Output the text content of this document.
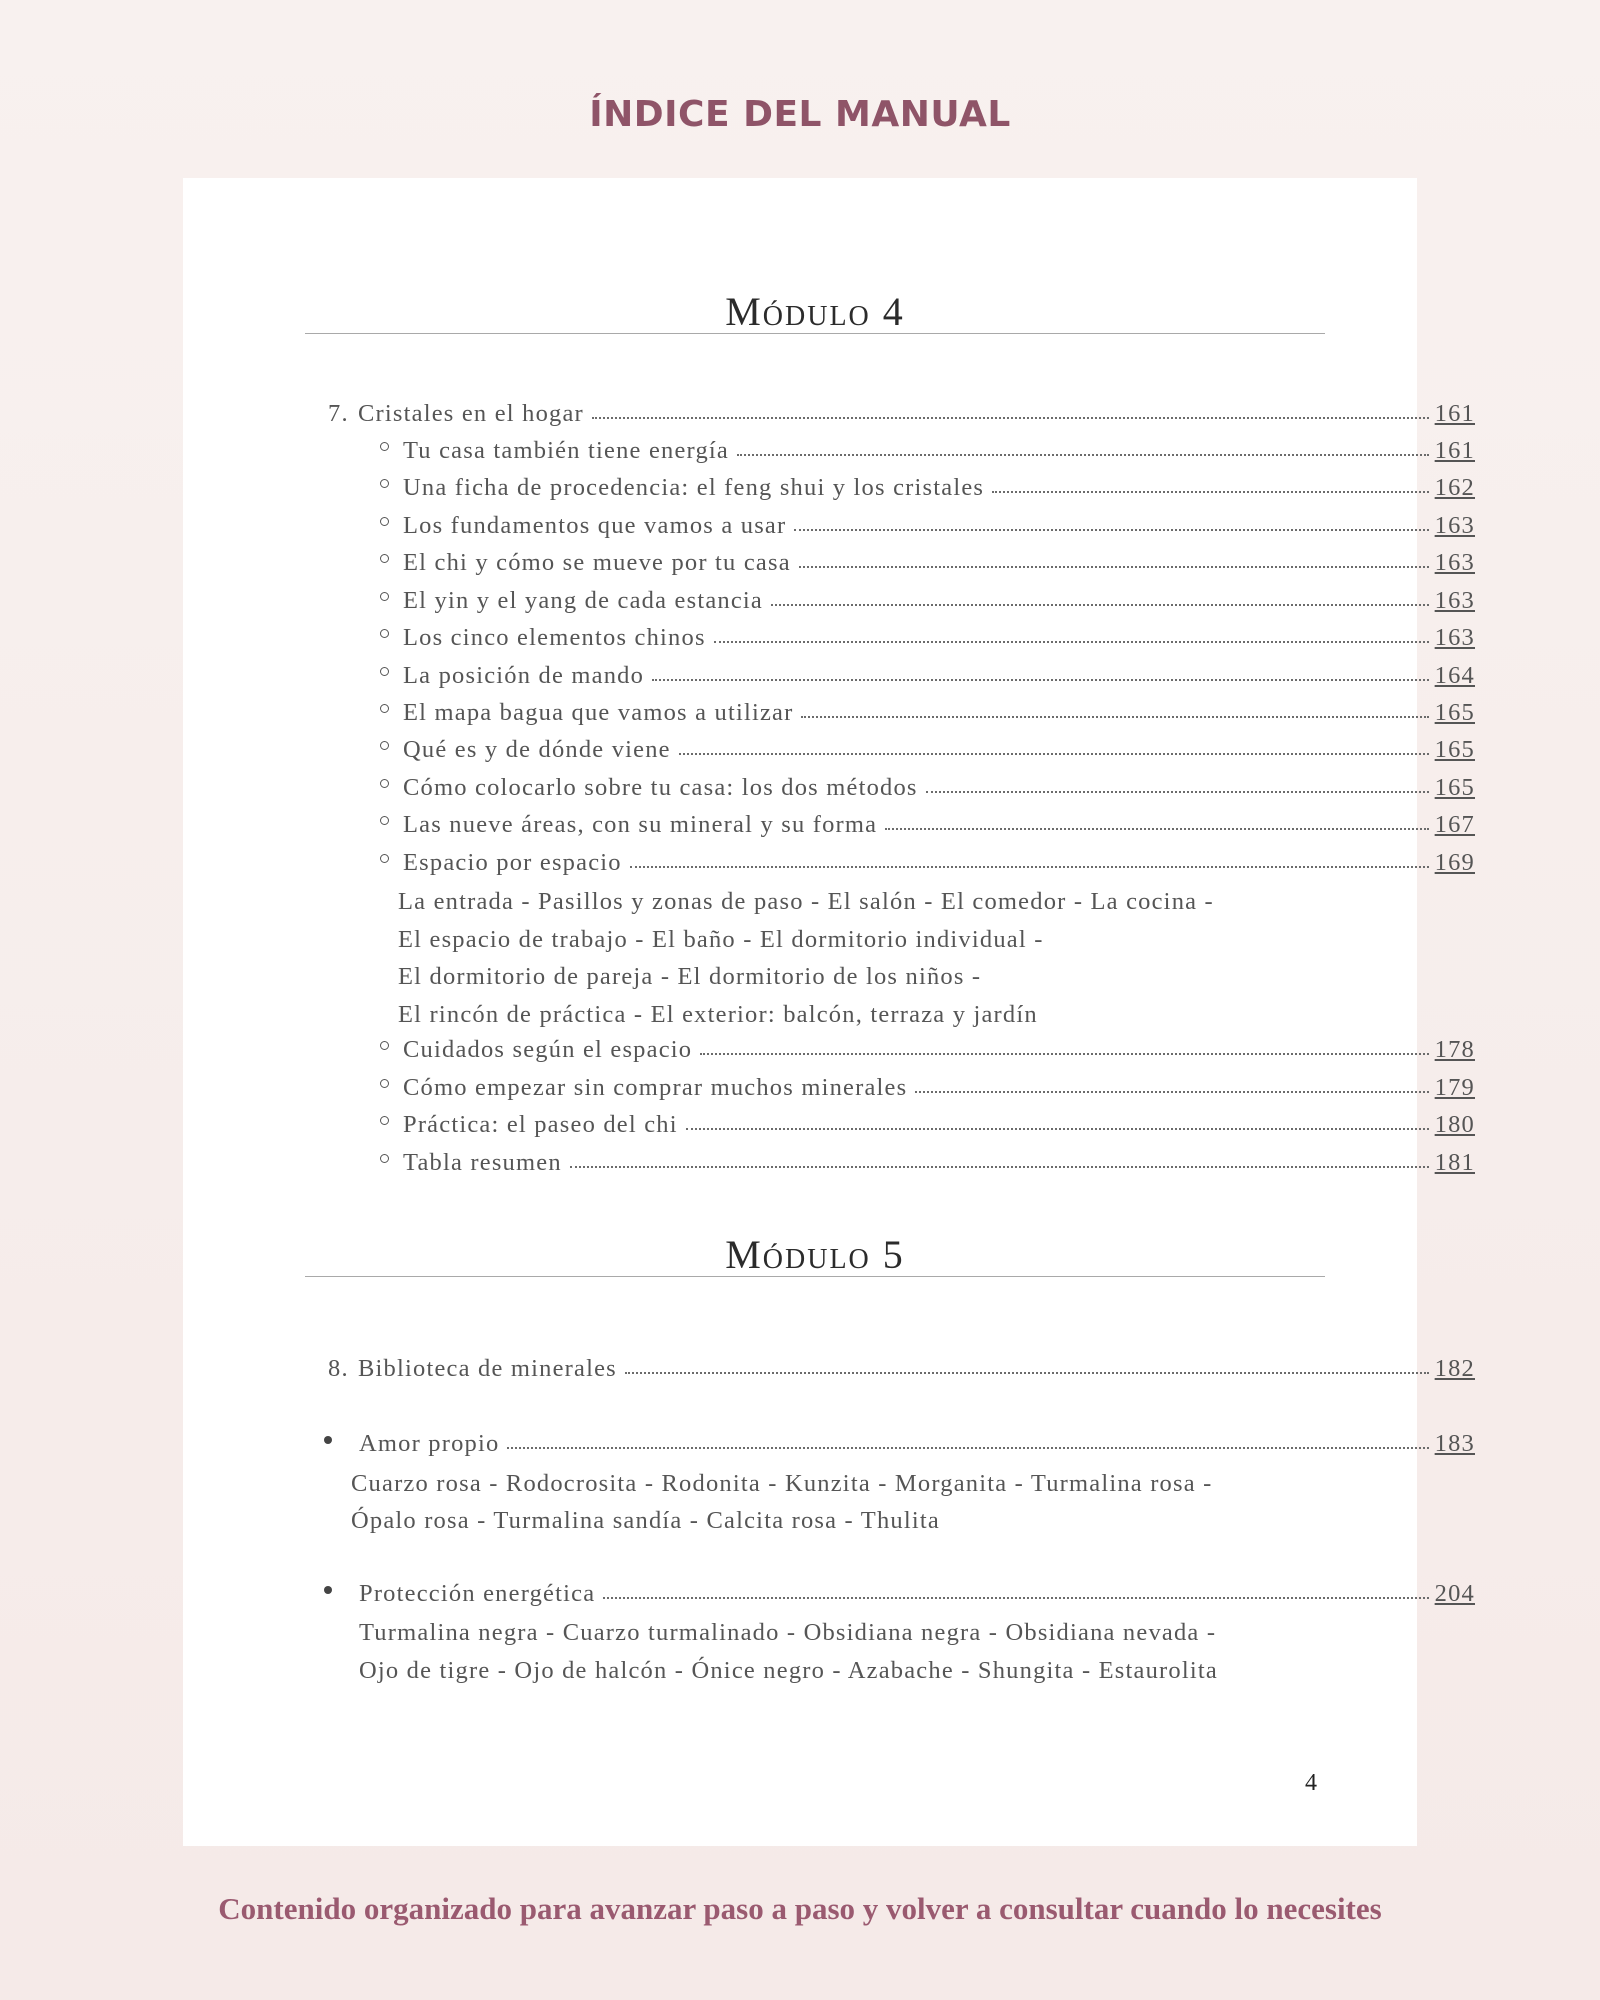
ÍNDICE DEL MANUAL
Módulo 4
7. Cristales en el hogar	161
Tu casa también tiene energía	161
Una ficha de procedencia: el feng shui y los cristales	162
Los fundamentos que vamos a usar	163
El chi y cómo se mueve por tu casa	163
El yin y el yang de cada estancia	163
Los cinco elementos chinos	163
La posición de mando	164
El mapa bagua que vamos a utilizar	165
Qué es y de dónde viene	165
Cómo colocarlo sobre tu casa: los dos métodos	165
Las nueve áreas, con su mineral y su forma	167
Espacio por espacio	169
La entrada - Pasillos y zonas de paso - El salón - El comedor - La cocina -
El espacio de trabajo - El baño - El dormitorio individual -
El dormitorio de pareja - El dormitorio de los niños -
El rincón de práctica - El exterior: balcón, terraza y jardín
Cuidados según el espacio	178
Cómo empezar sin comprar muchos minerales	179
Práctica: el paseo del chi	180
Tabla resumen	181
Módulo 5
8. Biblioteca de minerales	182
Amor propio	183
Cuarzo rosa - Rodocrosita - Rodonita - Kunzita - Morganita - Turmalina rosa -
Ópalo rosa - Turmalina sandía - Calcita rosa - Thulita
Protección energética	204
Turmalina negra - Cuarzo turmalinado - Obsidiana negra - Obsidiana nevada -
Ojo de tigre - Ojo de halcón - Ónice negro - Azabache - Shungita - Estaurolita
4
Contenido organizado para avanzar paso a paso y volver a consultar cuando lo necesites
